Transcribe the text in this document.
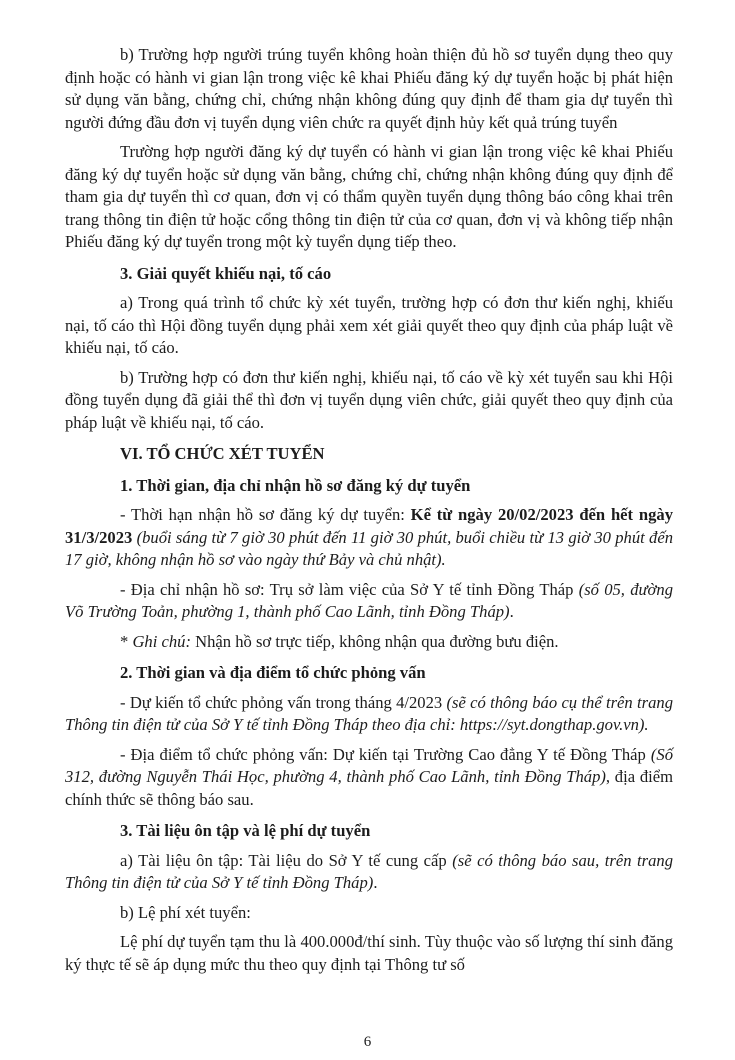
b) Trường hợp người trúng tuyển không hoàn thiện đủ hồ sơ tuyển dụng theo quy định hoặc có hành vi gian lận trong việc kê khai Phiếu đăng ký dự tuyển hoặc bị phát hiện sử dụng văn bằng, chứng chỉ, chứng nhận không đúng quy định để tham gia dự tuyển thì người đứng đầu đơn vị tuyển dụng viên chức ra quyết định hủy kết quả trúng tuyển

Trường hợp người đăng ký dự tuyển có hành vi gian lận trong việc kê khai Phiếu đăng ký dự tuyển hoặc sử dụng văn bằng, chứng chỉ, chứng nhận không đúng quy định để tham gia dự tuyển thì cơ quan, đơn vị có thẩm quyền tuyển dụng thông báo công khai trên trang thông tin điện tử hoặc cổng thông tin điện tử của cơ quan, đơn vị và không tiếp nhận Phiếu đăng ký dự tuyển trong một kỳ tuyển dụng tiếp theo.

3. Giải quyết khiếu nại, tố cáo

a) Trong quá trình tổ chức kỳ xét tuyển, trường hợp có đơn thư kiến nghị, khiếu nại, tố cáo thì Hội đồng tuyển dụng phải xem xét giải quyết theo quy định của pháp luật về khiếu nại, tố cáo.

b) Trường hợp có đơn thư kiến nghị, khiếu nại, tố cáo về kỳ xét tuyển sau khi Hội đồng tuyển dụng đã giải thể thì đơn vị tuyển dụng viên chức, giải quyết theo quy định của pháp luật về khiếu nại, tố cáo.

VI. TỔ CHỨC XÉT TUYỂN

1. Thời gian, địa chỉ nhận hồ sơ đăng ký dự tuyển

- Thời hạn nhận hồ sơ đăng ký dự tuyển: Kể từ ngày 20/02/2023 đến hết ngày 31/3/2023 (buổi sáng từ 7 giờ 30 phút đến 11 giờ 30 phút, buổi chiều từ 13 giờ 30 phút đến 17 giờ, không nhận hồ sơ vào ngày thứ Bảy và chủ nhật).

- Địa chỉ nhận hồ sơ: Trụ sở làm việc của Sở Y tế tỉnh Đồng Tháp (số 05, đường Võ Trường Toản, phường 1, thành phố Cao Lãnh, tỉnh Đồng Tháp).

* Ghi chú: Nhận hồ sơ trực tiếp, không nhận qua đường bưu điện.

2. Thời gian và địa điểm tổ chức phỏng vấn

- Dự kiến tổ chức phỏng vấn trong tháng 4/2023 (sẽ có thông báo cụ thể trên trang Thông tin điện tử của Sở Y tế tỉnh Đồng Tháp theo địa chỉ: https://syt.dongthap.gov.vn).

- Địa điểm tổ chức phỏng vấn: Dự kiến tại Trường Cao đẳng Y tế Đồng Tháp (Số 312, đường Nguyễn Thái Học, phường 4, thành phố Cao Lãnh, tỉnh Đồng Tháp), địa điểm chính thức sẽ thông báo sau.

3. Tài liệu ôn tập và lệ phí dự tuyển

a) Tài liệu ôn tập: Tài liệu do Sở Y tế cung cấp (sẽ có thông báo sau, trên trang Thông tin điện tử của Sở Y tế tỉnh Đồng Tháp).

b) Lệ phí xét tuyển:

Lệ phí dự tuyển tạm thu là 400.000đ/thí sinh. Tùy thuộc vào số lượng thí sinh đăng ký thực tế sẽ áp dụng mức thu theo quy định tại Thông tư số

6
